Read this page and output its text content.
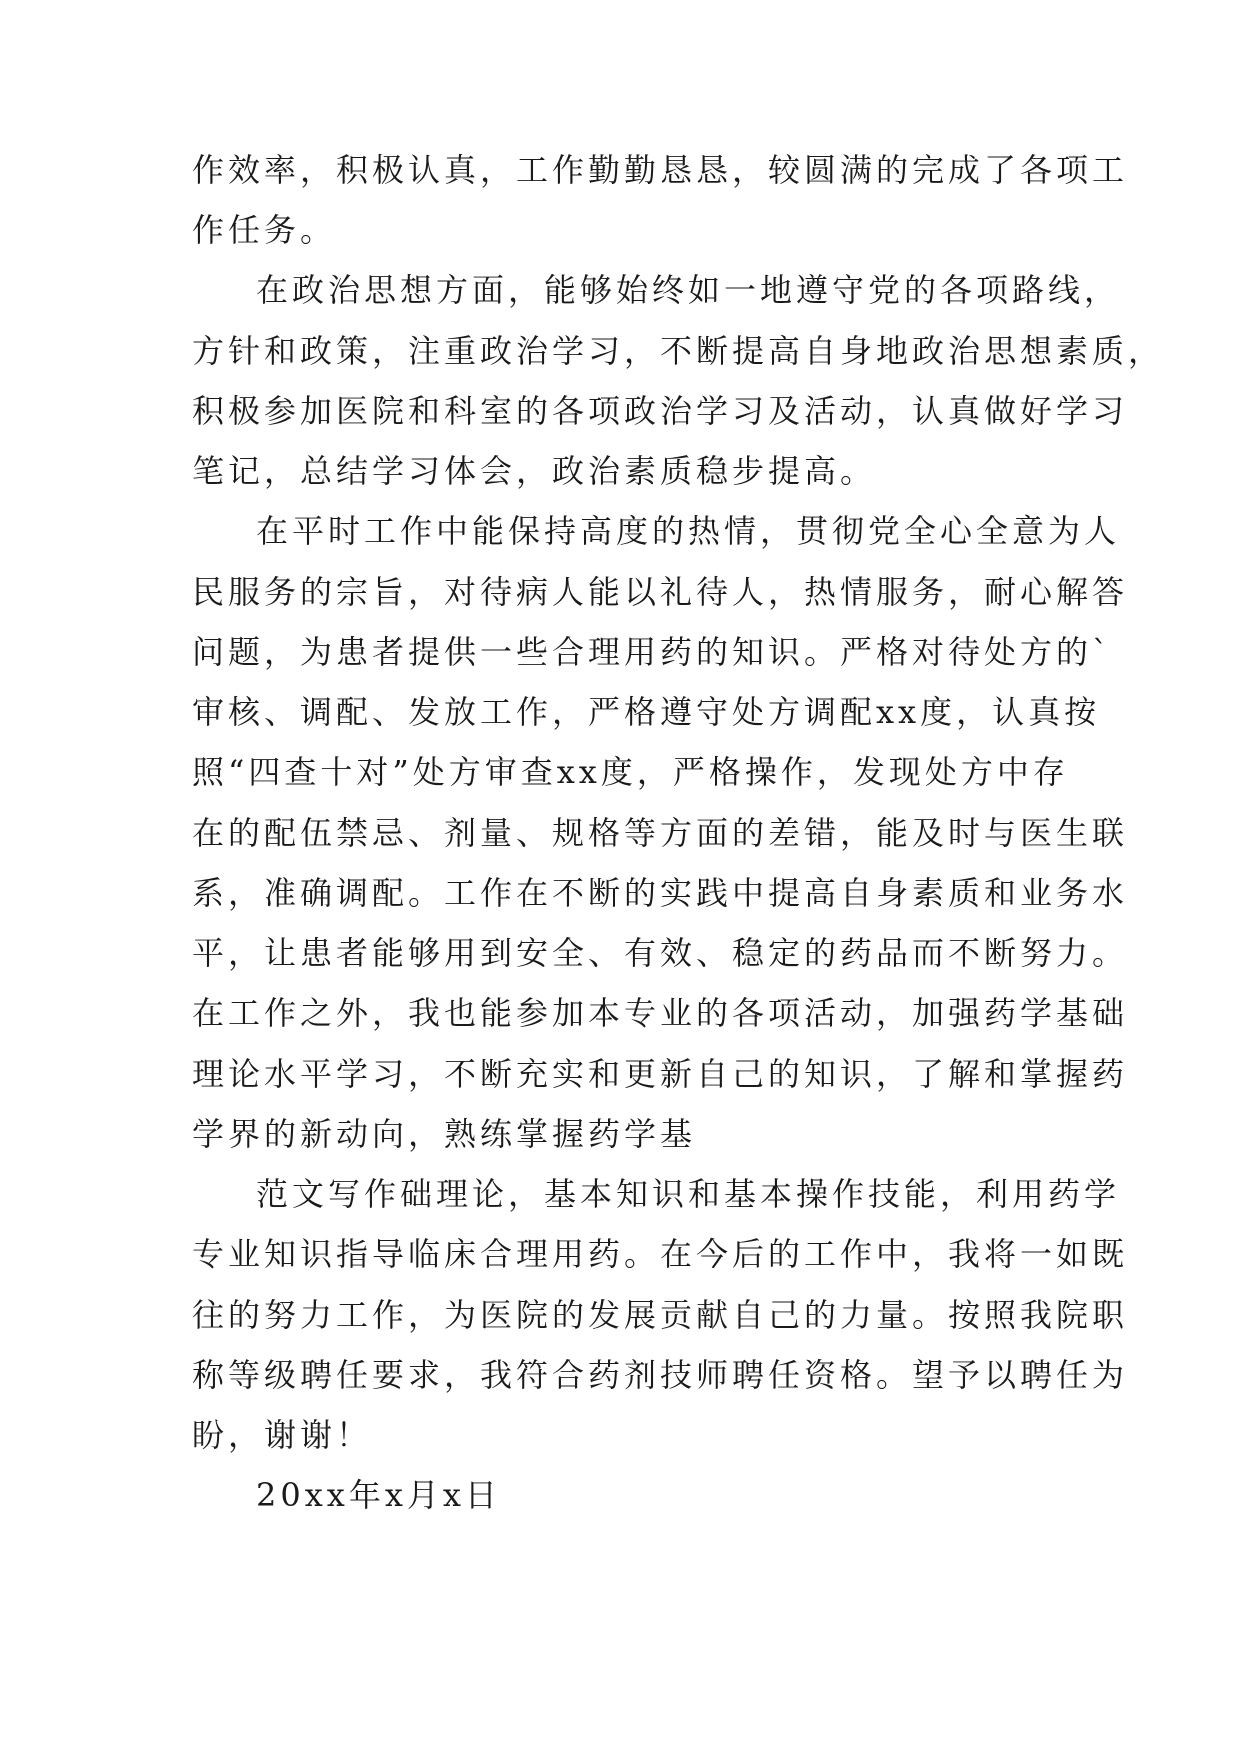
作效率，积极认真，工作勤勤恳恳，较圆满的完成了各项工
作任务。
在政治思想方面，能够始终如一地遵守党的各项路线，
方针和政策，注重政治学习，不断提高自身地政治思想素质，
积极参加医院和科室的各项政治学习及活动，认真做好学习
笔记，总结学习体会，政治素质稳步提高。
在平时工作中能保持高度的热情，贯彻党全心全意为人
民服务的宗旨，对待病人能以礼待人，热情服务，耐心解答
问题，为患者提供一些合理用药的知识。严格对待处方的`
审核、调配、发放工作，严格遵守处方调配xx度，认真按
照“四查十对”处方审查xx度，严格操作，发现处方中存
在的配伍禁忌、剂量、规格等方面的差错，能及时与医生联
系，准确调配。工作在不断的实践中提高自身素质和业务水
平，让患者能够用到安全、有效、稳定的药品而不断努力。
在工作之外，我也能参加本专业的各项活动，加强药学基础
理论水平学习，不断充实和更新自己的知识，了解和掌握药
学界的新动向，熟练掌握药学基
范文写作础理论，基本知识和基本操作技能，利用药学
专业知识指导临床合理用药。在今后的工作中，我将一如既
往的努力工作，为医院的发展贡献自己的力量。按照我院职
称等级聘任要求，我符合药剂技师聘任资格。望予以聘任为
盼，谢谢！
20xx年x月x日
